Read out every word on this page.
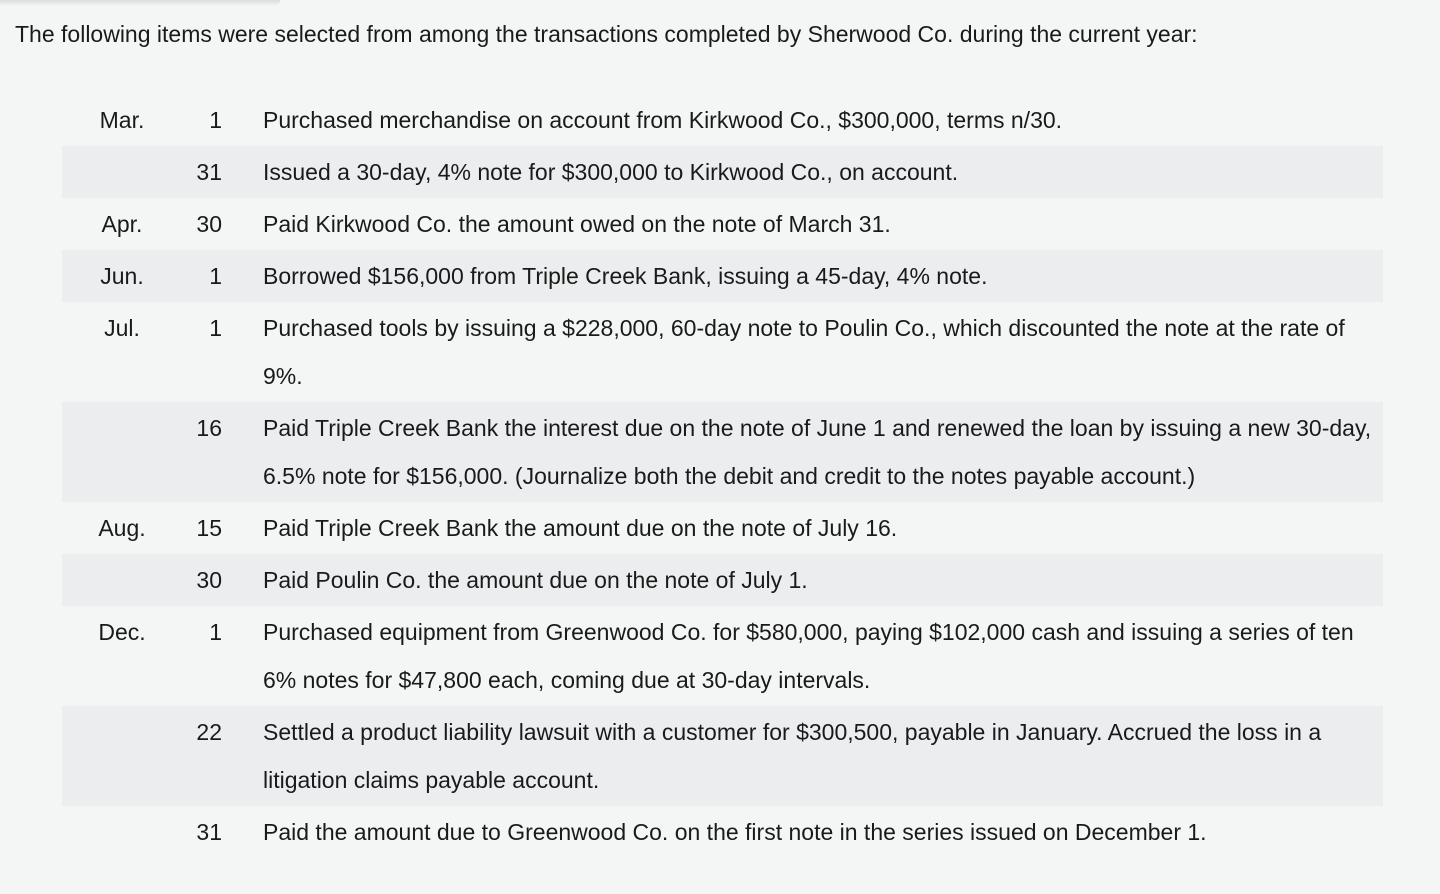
The following items were selected from among the transactions completed by Sherwood Co. during the current year:
Mar.	1	Purchased merchandise on account from Kirkwood Co., $300,000, terms n/30.

	31	Issued a 30-day, 4% note for $300,000 to Kirkwood Co., on account.

Apr.	30	Paid Kirkwood Co. the amount owed on the note of March 31.

Jun.	1	Borrowed $156,000 from Triple Creek Bank, issuing a 45-day, 4% note.

Jul.	1	Purchased tools by issuing a $228,000, 60-day note to Poulin Co., which discounted the note at the rate of 9%.

	16	Paid Triple Creek Bank the interest due on the note of June 1 and renewed the loan by issuing a new 30-day, 6.5% note for $156,000. (Journalize both the debit and credit to the notes payable account.)

Aug.	15	Paid Triple Creek Bank the amount due on the note of July 16.

	30	Paid Poulin Co. the amount due on the note of July 1.

Dec.	1	Purchased equipment from Greenwood Co. for $580,000, paying $102,000 cash and issuing a series of ten 6% notes for $47,800 each, coming due at 30-day intervals.

	22	Settled a product liability lawsuit with a customer for $300,500, payable in January. Accrued the loss in a litigation claims payable account.

	31	Paid the amount due to Greenwood Co. on the first note in the series issued on December 1.
